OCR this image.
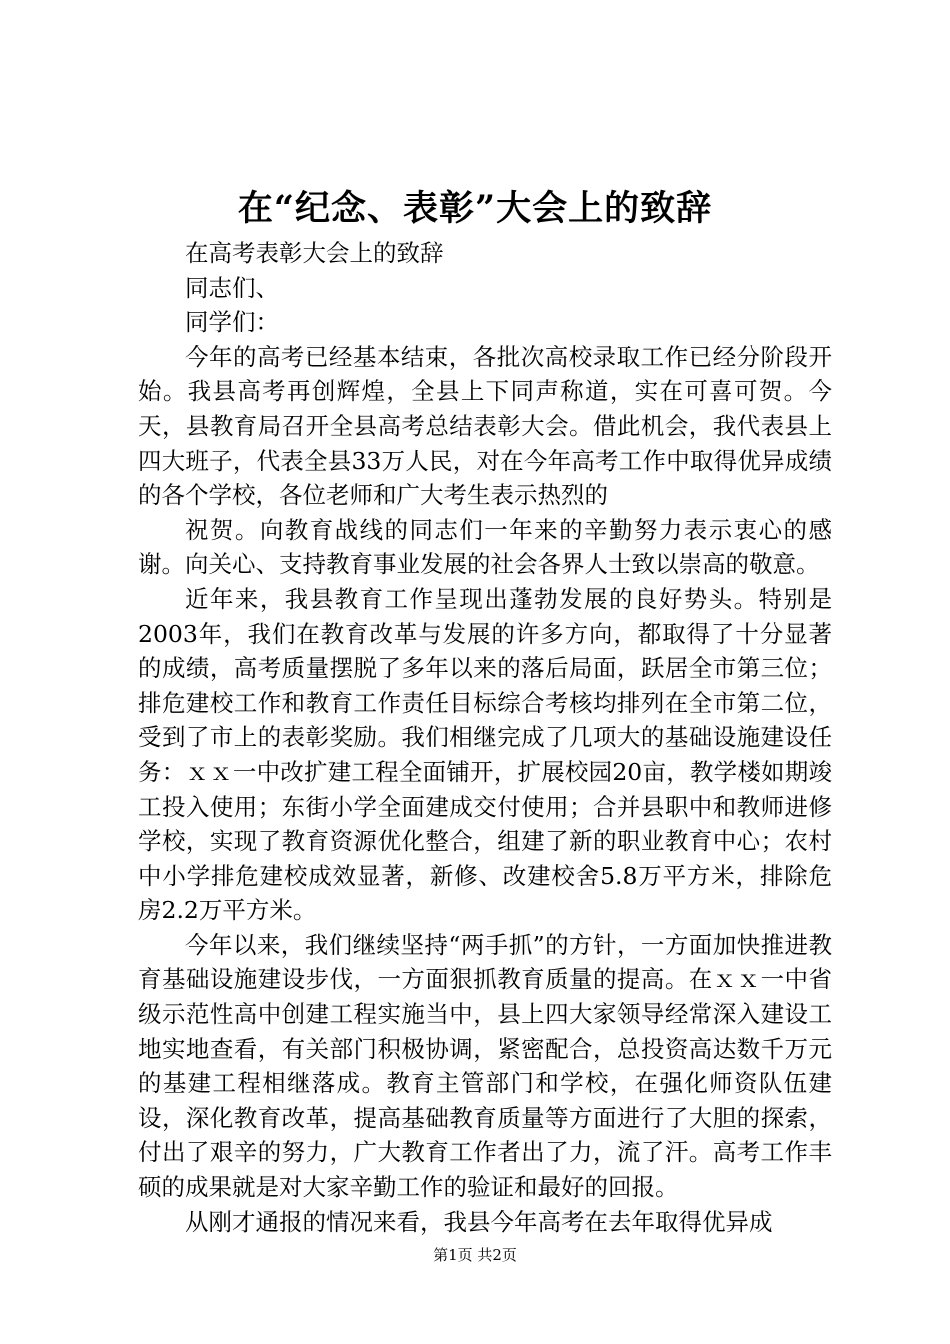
在“纪念、表彰”大会上的致辞

在高考表彰大会上的致辞

同志们、

同学们：

今年的高考已经基本结束，各批次高校录取工作已经分阶段开始。我县高考再创辉煌，全县上下同声称道，实在可喜可贺。今天，县教育局召开全县高考总结表彰大会。借此机会，我代表县上四大班子，代表全县33万人民，对在今年高考工作中取得优异成绩的各个学校，各位老师和广大考生表示热烈的

祝贺。向教育战线的同志们一年来的辛勤努力表示衷心的感谢。向关心、支持教育事业发展的社会各界人士致以崇高的敬意。

近年来，我县教育工作呈现出蓬勃发展的良好势头。特别是2003年，我们在教育改革与发展的许多方向，都取得了十分显著的成绩，高考质量摆脱了多年以来的落后局面，跃居全市第三位；排危建校工作和教育工作责任目标综合考核均排列在全市第二位，受到了市上的表彰奖励。我们相继完成了几项大的基础设施建设任务：ｘｘ一中改扩建工程全面铺开，扩展校园20亩，教学楼如期竣工投入使用；东街小学全面建成交付使用；合并县职中和教师进修学校，实现了教育资源优化整合，组建了新的职业教育中心；农村中小学排危建校成效显著，新修、改建校舍5.8万平方米，排除危房2.2万平方米。

今年以来，我们继续坚持“两手抓”的方针，一方面加快推进教育基础设施建设步伐，一方面狠抓教育质量的提高。在ｘｘ一中省级示范性高中创建工程实施当中，县上四大家领导经常深入建设工地实地查看，有关部门积极协调，紧密配合，总投资高达数千万元的基建工程相继落成。教育主管部门和学校，在强化师资队伍建设，深化教育改革，提高基础教育质量等方面进行了大胆的探索，付出了艰辛的努力，广大教育工作者出了力，流了汗。高考工作丰硕的成果就是对大家辛勤工作的验证和最好的回报。

从刚才通报的情况来看，我县今年高考在去年取得优异成

第1页 共2页
